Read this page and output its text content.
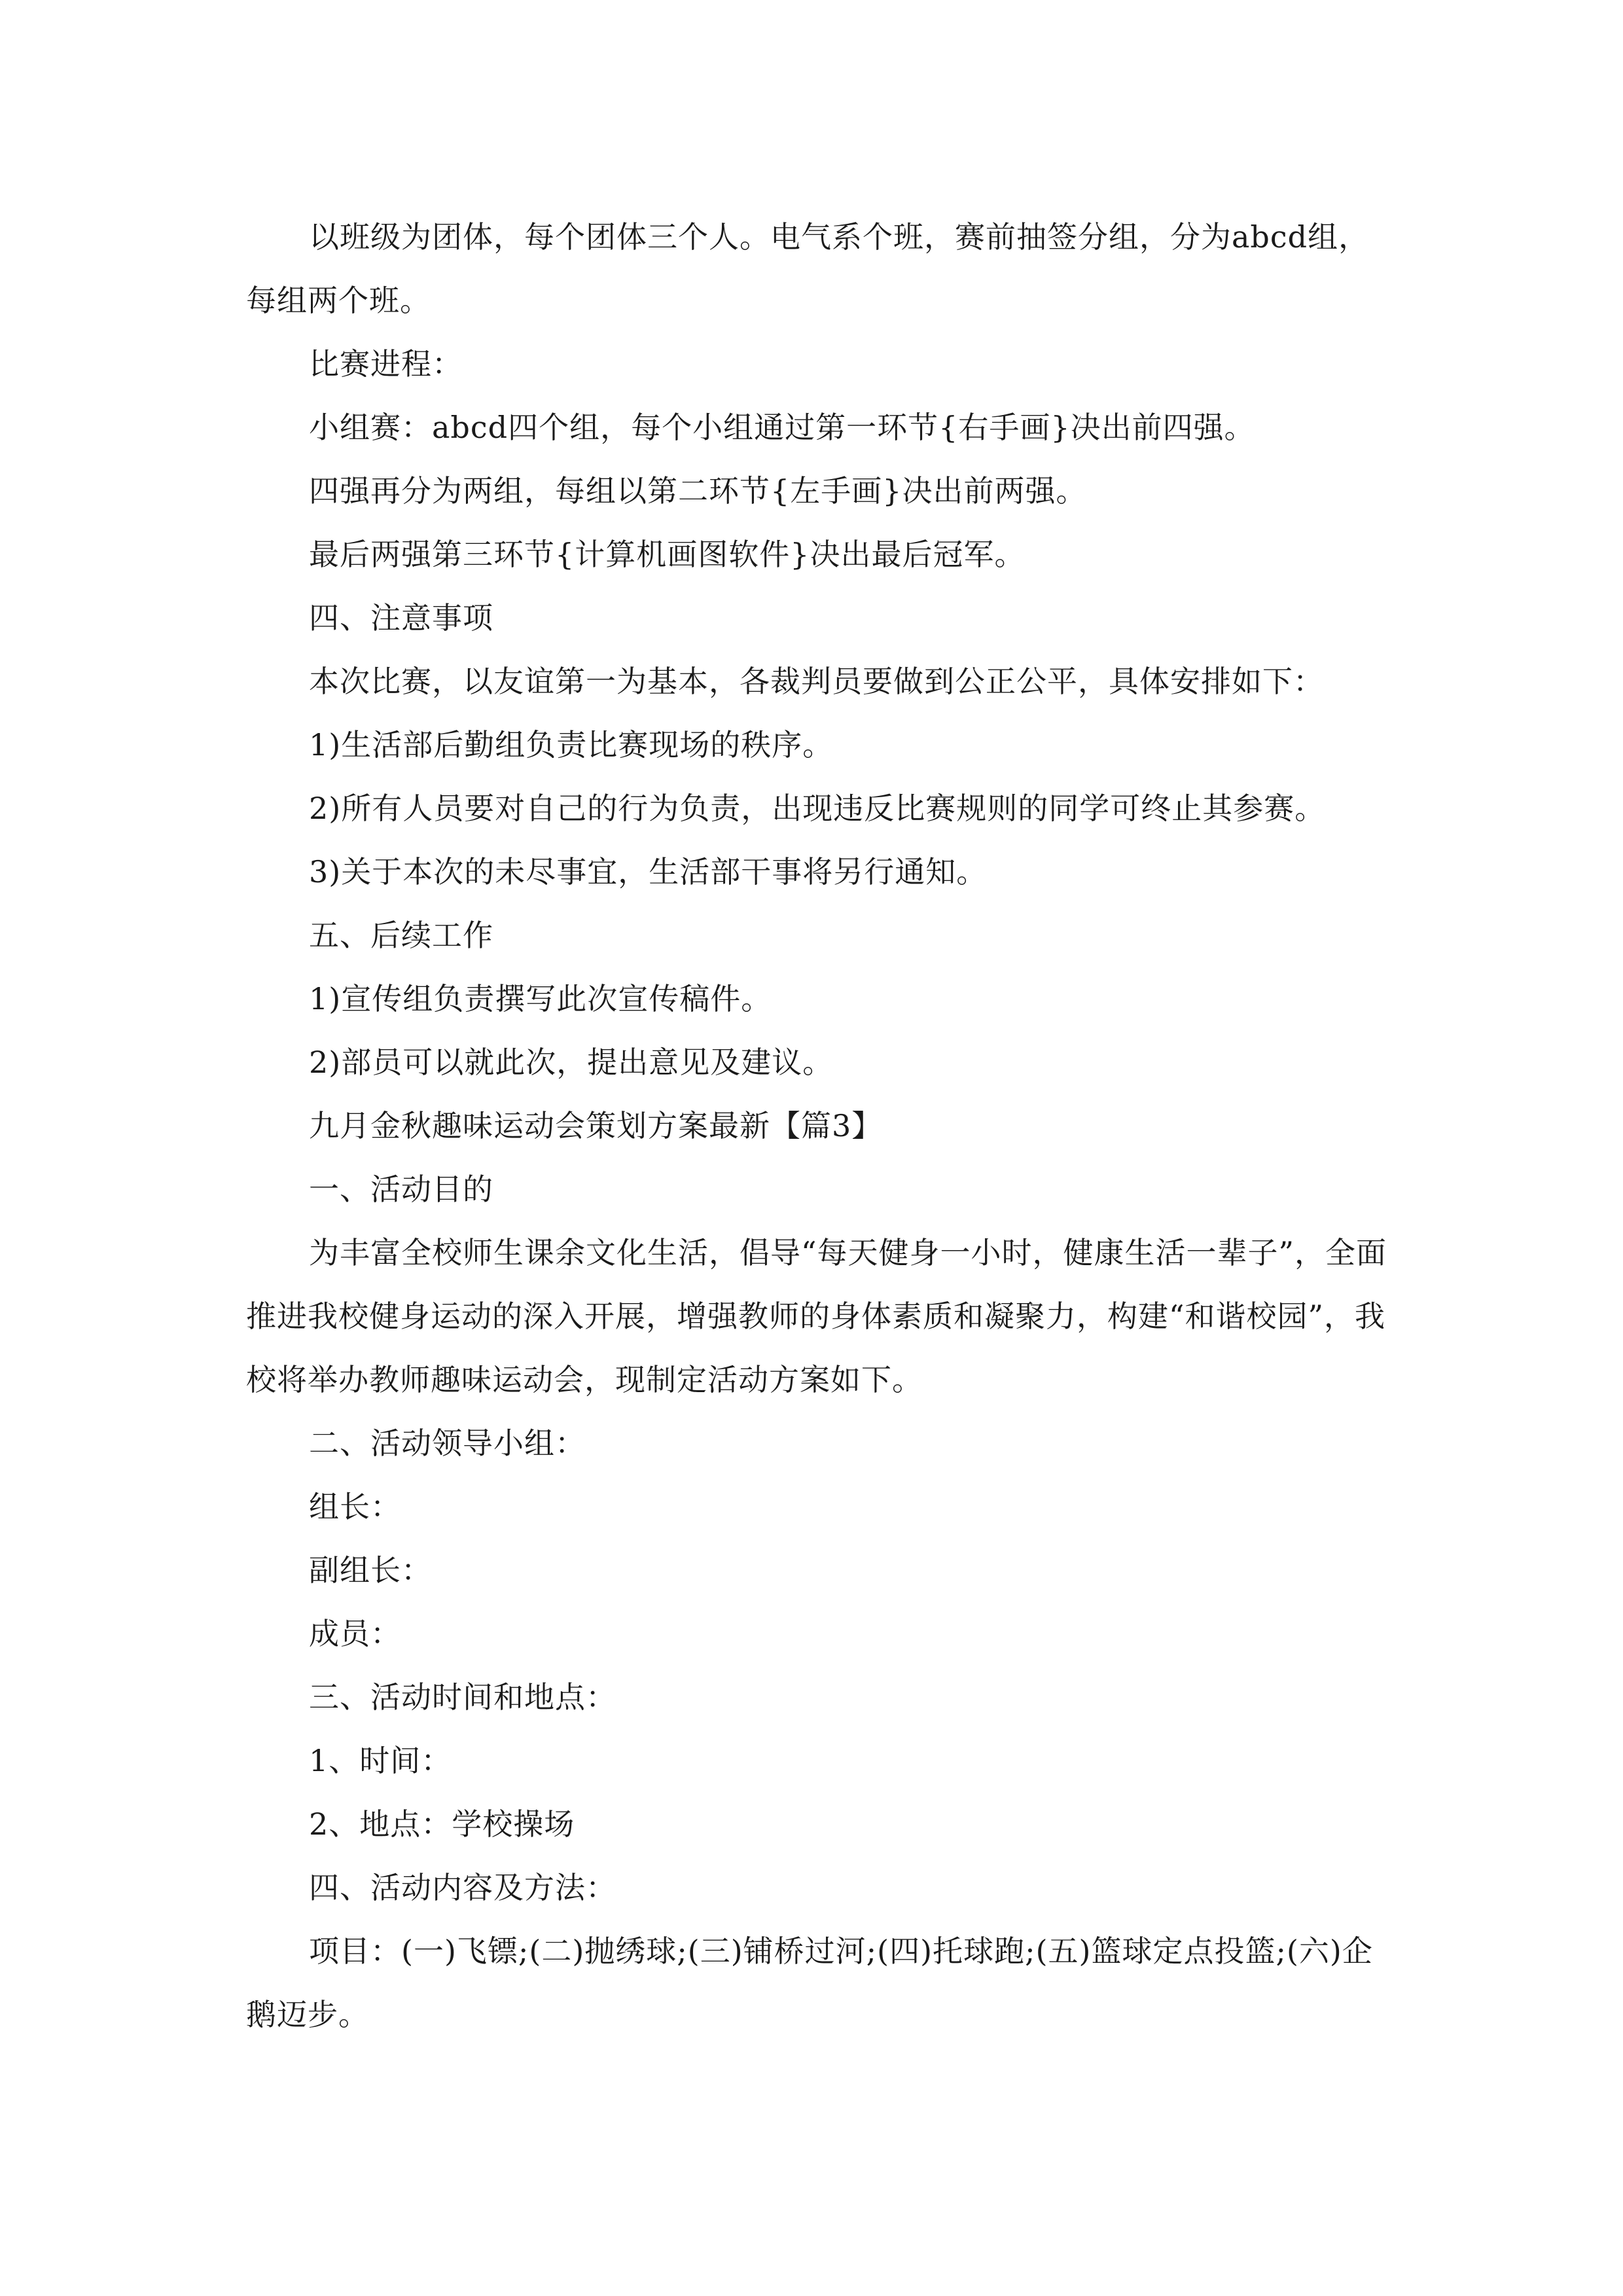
以班级为团体，每个团体三个人。电气系个班，赛前抽签分组，分为abcd组，每组两个班。

比赛进程：

小组赛：abcd四个组，每个小组通过第一环节{右手画}决出前四强。

四强再分为两组，每组以第二环节{左手画}决出前两强。

最后两强第三环节{计算机画图软件}决出最后冠军。

四、注意事项

本次比赛，以友谊第一为基本，各裁判员要做到公正公平，具体安排如下：

1)生活部后勤组负责比赛现场的秩序。

2)所有人员要对自己的行为负责，出现违反比赛规则的同学可终止其参赛。

3)关于本次的未尽事宜，生活部干事将另行通知。

五、后续工作

1)宣传组负责撰写此次宣传稿件。

2)部员可以就此次，提出意见及建议。

九月金秋趣味运动会策划方案最新【篇3】

一、活动目的

为丰富全校师生课余文化生活，倡导“每天健身一小时，健康生活一辈子”，全面推进我校健身运动的深入开展，增强教师的身体素质和凝聚力，构建“和谐校园”，我校将举办教师趣味运动会，现制定活动方案如下。

二、活动领导小组：

组长：

副组长：

成员：

三、活动时间和地点：

1、时间：

2、地点：学校操场

四、活动内容及方法：

项目：(一)飞镖;(二)抛绣球;(三)铺桥过河;(四)托球跑;(五)篮球定点投篮;(六)企鹅迈步。
